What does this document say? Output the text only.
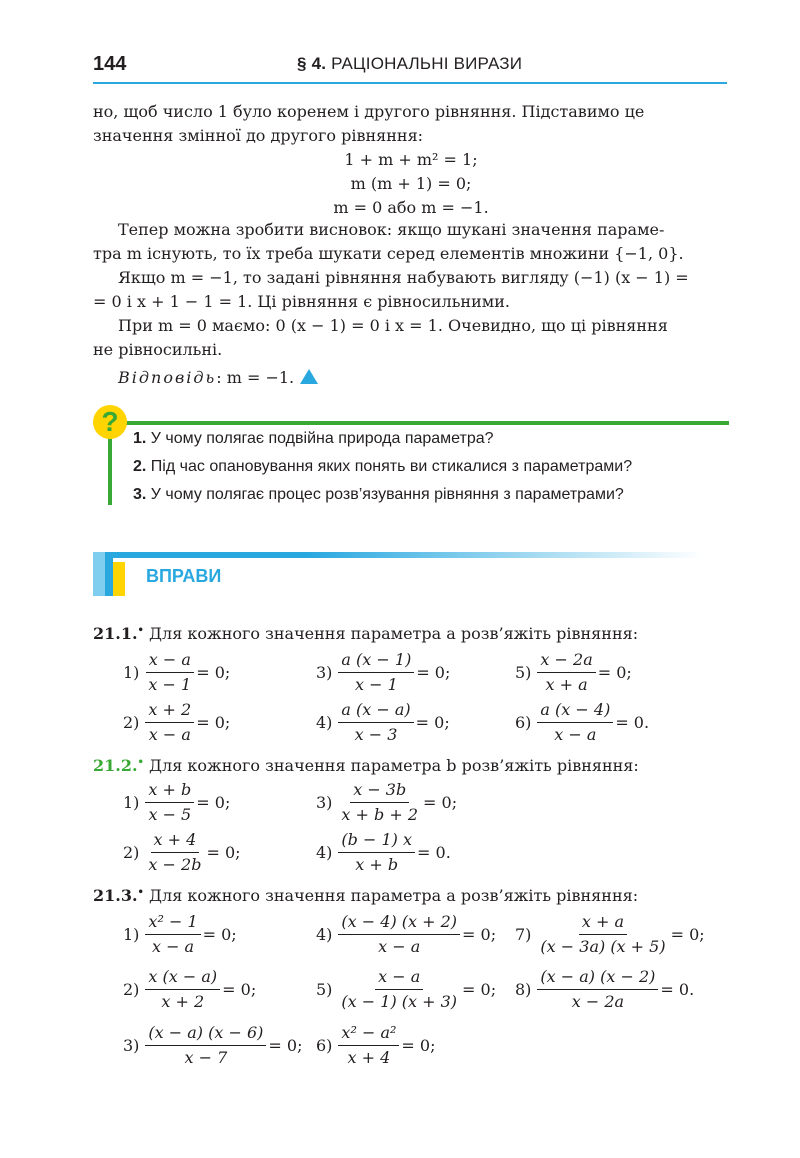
144	§ 4. РАЦІОНАЛЬНІ ВИРАЗИ
но, щоб число 1 було коренем і другого рівняння. Підставимо це значення змінної до другого рівняння:
1 + m + m² = 1;
m (m + 1) = 0;
m = 0 або m = −1.
Тепер можна зробити висновок: якщо шукані значення параме-
тра m існують, то їх треба шукати серед елементів множини {−1, 0}.
Якщо m = −1, то задані рівняння набувають вигляду (−1) (x − 1) =
= 0 і x + 1 − 1 = 1. Ці рівняння є рівносильними.
При m = 0 маємо: 0 (x − 1) = 0 і x = 1. Очевидно, що ці рівняння
не рівносильні.
Відповідь: m = −1.
?
1. У чому полягає подвійна природа параметра?
2. Під час опановування яких понять ви стикалися з параметрами?
3. У чому полягає процес розв’язування рівняння з параметрами?
ВПРАВИ
21.1.• Для кожного значення параметра a розв’яжіть рівняння:
$1) \frac{x - a}{x - 1} = 0$;	$3) \frac{a (x - 1)}{x - 1} = 0$;	$5) \frac{x - 2a}{x + a} = 0$;
$2) \frac{x + 2}{x - a} = 0$;	$4) \frac{a (x - a)}{x - 3} = 0$;	$6) \frac{a (x - 4)}{x - a} = 0$.
21.2.• Для кожного значення параметра b розв’яжіть рівняння:
$1) \frac{x + b}{x - 5} = 0$;	$3) \frac{x - 3b}{x + b + 2} = 0$;
$2) \frac{x + 4}{x - 2b} = 0$;	$4) \frac{(b - 1) x}{x + b} = 0$.
21.3.• Для кожного значення параметра a розв’яжіть рівняння:
$1) \frac{\text{x² − 1}}{x - a} = 0$;	$4) \frac{(x - 4) (x + 2)}{x - a} = 0$; $7) \frac{x + a}{(x - 3a) (x + 5)} = 0$;
$2) \frac{x (x - a)}{x + 2} = 0$;	$5) \frac{x - a}{(x - 1) (x + 3)} = 0$; $8) \frac{(x - a) (x - 2)}{x - 2a} = 0$.
$3) \frac{(x - a) (x - 6)}{x - 7} = 0$; $6) \frac{\text{x² − a²}}{x + 4} = 0$;
